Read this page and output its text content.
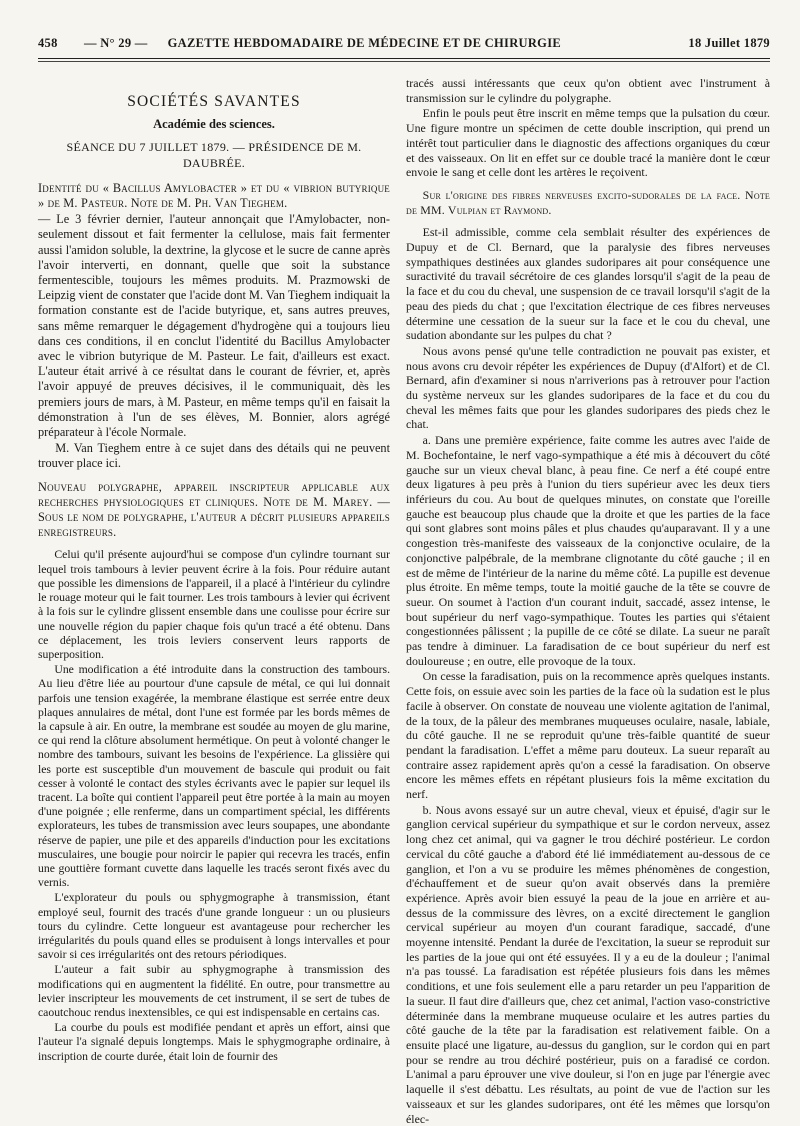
458	— N° 29 — GAZETTE HEBDOMADAIRE DE MÉDECINE ET DE CHIRURGIE	18 Juillet 1879
SOCIÉTÉS SAVANTES
Académie des sciences.
SÉANCE DU 7 JUILLET 1879. — PRÉSIDENCE DE M. DAUBRÉE.

Identité du « Bacillus Amylobacter » et du « vibrion butyrique » de M. Pasteur. Note de M. Ph. Van Tieghem.

— Le 3 février dernier, l'auteur annonçait que l'Amylobacter, non-seulement dissout et fait fermenter la cellulose, mais fait fermenter aussi l'amidon soluble, la dextrine, la glycose et le sucre de canne après l'avoir interverti, en donnant, quelle que soit la substance fermentescible, toujours les mêmes produits. M. Prazmowski de Leipzig vient de constater que l'acide dont M. Van Tieghem indiquait la formation constante est de l'acide butyrique, et, sans autres preuves, sans même remarquer le dégagement d'hydrogène qui a toujours lieu dans ces conditions, il en conclut l'identité du Bacillus Amylobacter avec le vibrion butyrique de M. Pasteur. Le fait, d'ailleurs est exact. L'auteur était arrivé à ce résultat dans le courant de février, et, après l'avoir appuyé de preuves décisives, il le communiquait, dès les premiers jours de mars, à M. Pasteur, en même temps qu'il en faisait la démonstration à l'un de ses élèves, M. Bonnier, alors agrégé préparateur à l'école Normale.

M. Van Tieghem entre à ce sujet dans des détails qui ne peuvent trouver place ici.

Nouveau polygraphe, appareil inscripteur applicable aux recherches physiologiques et cliniques. Note de M. Marey. — Sous le nom de polygraphe, l'auteur a décrit plusieurs appareils enregistreurs.

Celui qu'il présente aujourd'hui se compose d'un cylindre tournant sur lequel trois tambours à levier peuvent écrire à la fois. Pour réduire autant que possible les dimensions de l'appareil, il a placé à l'intérieur du cylindre le rouage moteur qui le fait tourner. Les trois tambours à levier qui écrivent à la fois sur le cylindre glissent ensemble dans une coulisse pour écrire sur une nouvelle région du papier chaque fois qu'un tracé a été obtenu. Dans ce déplacement, les trois leviers conservent leurs rapports de superposition.

Une modification a été introduite dans la construction des tambours. Au lieu d'être liée au pourtour d'une capsule de métal, ce qui lui donnait parfois une tension exagérée, la membrane élastique est serrée entre deux plaques annulaires de métal, dont l'une est formée par les bords mêmes de la capsule à air. En outre, la membrane est soudée au moyen de glu marine, ce qui rend la clôture absolument hermétique. On peut à volonté changer le nombre des tambours, suivant les besoins de l'expérience. La glissière qui les porte est susceptible d'un mouvement de bascule qui produit ou fait cesser à volonté le contact des styles écrivants avec le papier sur lequel ils tracent. La boîte qui contient l'appareil peut être portée à la main au moyen d'une poignée ; elle renferme, dans un compartiment spécial, les différents explorateurs, les tubes de transmission avec leurs soupapes, une abondante réserve de papier, une pile et des appareils d'induction pour les excitations musculaires, une bougie pour noircir le papier qui recevra les tracés, enfin une gouttière formant cuvette dans laquelle les tracés seront fixés avec du vernis.

L'explorateur du pouls ou sphygmographe à transmission, étant employé seul, fournit des tracés d'une grande longueur : un ou plusieurs tours du cylindre. Cette longueur est avantageuse pour rechercher les irrégularités du pouls quand elles se produisent à longs intervalles et pour savoir si ces irrégularités ont des retours périodiques.

L'auteur a fait subir au sphygmographe à transmission des modifications qui en augmentent la fidélité. En outre, pour transmettre au levier inscripteur les mouvements de cet instrument, il se sert de tubes de caoutchouc rendus inextensibles, ce qui est indispensable en certains cas.

La courbe du pouls est modifiée pendant et après un effort, ainsi que l'auteur l'a signalé depuis longtemps. Mais le sphygmographe ordinaire, à inscription de courte durée, était loin de fournir des

tracés aussi intéressants que ceux qu'on obtient avec l'instrument à transmission sur le cylindre du polygraphe.

Enfin le pouls peut être inscrit en même temps que la pulsation du cœur. Une figure montre un spécimen de cette double inscription, qui prend un intérêt tout particulier dans le diagnostic des affections organiques du cœur et des vaisseaux. On lit en effet sur ce double tracé la manière dont le cœur envoie le sang et celle dont les artères le reçoivent.

Sur l'origine des fibres nerveuses excito-sudorales de la face. Note de MM. Vulpian et Raymond.

Est-il admissible, comme cela semblait résulter des expériences de Dupuy et de Cl. Bernard, que la paralysie des fibres nerveuses sympathiques destinées aux glandes sudoripares ait pour conséquence une suractivité du travail sécrétoire de ces glandes lorsqu'il s'agit de la peau de la face et du cou du cheval, une suspension de ce travail lorsqu'il s'agit de la peau des pieds du chat ; que l'excitation électrique de ces fibres nerveuses détermine une cessation de la sueur sur la face et le cou du cheval, une sudation abondante sur les pulpes du chat ?

Nous avons pensé qu'une telle contradiction ne pouvait pas exister, et nous avons cru devoir répéter les expériences de Dupuy (d'Alfort) et de Cl. Bernard, afin d'examiner si nous n'arriverions pas à retrouver pour l'action du système nerveux sur les glandes sudoripares de la face et du cou du cheval les mêmes faits que pour les glandes sudoripares des pieds chez le chat.

a. Dans une première expérience, faite comme les autres avec l'aide de M. Bochefontaine, le nerf vago-sympathique a été mis à découvert du côté gauche sur un vieux cheval blanc, à peau fine. Ce nerf a été coupé entre deux ligatures à peu près à l'union du tiers supérieur avec les deux tiers inférieurs du cou. Au bout de quelques minutes, on constate que l'oreille gauche est beaucoup plus chaude que la droite et que les parties de la face qui sont glabres sont moins pâles et plus chaudes qu'auparavant. Il y a une congestion très-manifeste des vaisseaux de la conjonctive oculaire, de la conjonctive palpébrale, de la membrane clignotante du côté gauche ; il en est de même de l'intérieur de la narine du même côté. La pupille est devenue plus étroite. En même temps, toute la moitié gauche de la tête se couvre de sueur. On soumet à l'action d'un courant induit, saccadé, assez intense, le bout supérieur du nerf vago-sympathique. Toutes les parties qui s'étaient congestionnées pâlissent ; la pupille de ce côté se dilate. La sueur ne paraît pas tendre à diminuer. La faradisation de ce bout supérieur du nerf est douloureuse ; en outre, elle provoque de la toux.

On cesse la faradisation, puis on la recommence après quelques instants. Cette fois, on essuie avec soin les parties de la face où la sudation est le plus facile à observer. On constate de nouveau une violente agitation de l'animal, de la toux, de la pâleur des membranes muqueuses oculaire, nasale, labiale, du côté gauche. Il ne se reproduit qu'une très-faible quantité de sueur pendant la faradisation. L'effet a même paru douteux. La sueur reparaît au contraire assez rapidement après qu'on a cessé la faradisation. On observe encore les mêmes effets en répétant plusieurs fois la même excitation du nerf.

b. Nous avons essayé sur un autre cheval, vieux et épuisé, d'agir sur le ganglion cervical supérieur du sympathique et sur le cordon nerveux, assez long chez cet animal, qui va gagner le trou déchiré postérieur. Le cordon cervical du côté gauche a d'abord été lié immédiatement au-dessous de ce ganglion, et l'on a vu se produire les mêmes phénomènes de congestion, d'échauffement et de sueur qu'on avait observés dans la première expérience. Après avoir bien essuyé la peau de la joue en arrière et au-dessus de la commissure des lèvres, on a excité directement le ganglion cervical supérieur au moyen d'un courant faradique, saccadé, d'une moyenne intensité. Pendant la durée de l'excitation, la sueur se reproduit sur les parties de la joue qui ont été essuyées. Il y a eu de la douleur ; l'animal n'a pas toussé. La faradisation est répétée plusieurs fois dans les mêmes conditions, et une fois seulement elle a paru retarder un peu l'apparition de la sueur. Il faut dire d'ailleurs que, chez cet animal, l'action vaso-constrictive déterminée dans la membrane muqueuse oculaire et les autres parties du côté gauche de la tête par la faradisation est relativement faible. On a ensuite placé une ligature, au-dessus du ganglion, sur le cordon qui en part pour se rendre au trou déchiré postérieur, puis on a faradisé ce cordon. L'animal a paru éprouver une vive douleur, si l'on en juge par l'énergie avec laquelle il s'est débattu. Les résultats, au point de vue de l'action sur les vaisseaux et sur les glandes sudoripares, ont été les mêmes que lorsqu'on élec-
